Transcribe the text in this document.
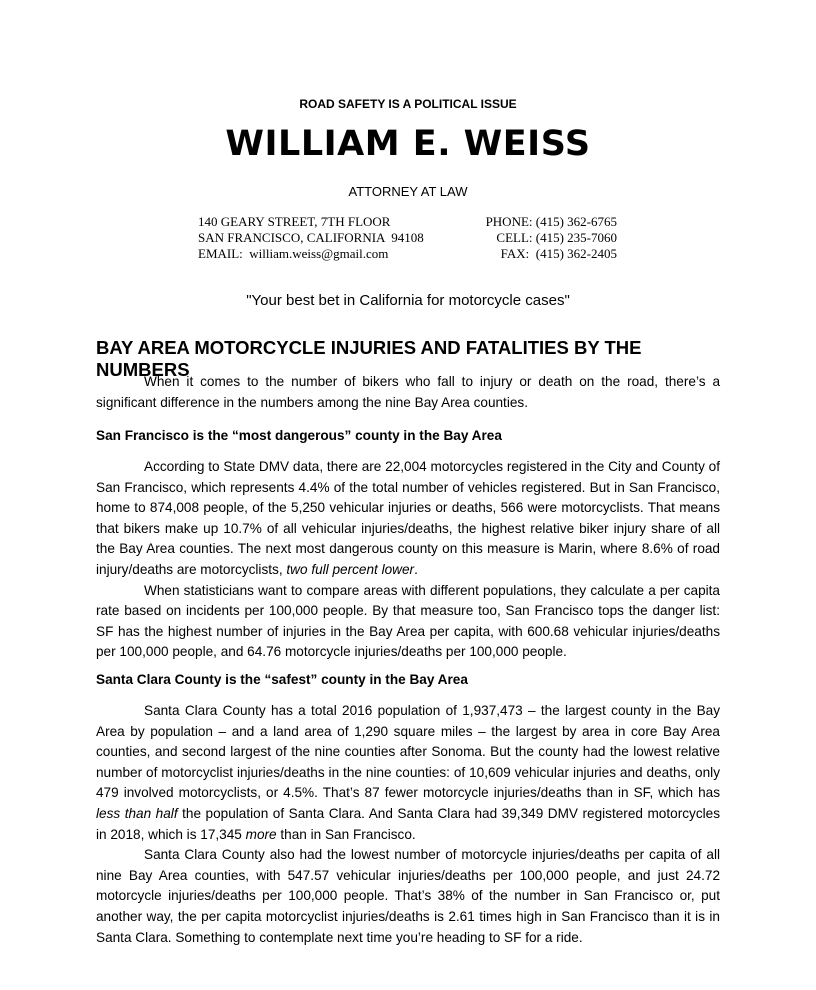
ROAD SAFETY IS A POLITICAL ISSUE
WILLIAM E. WEISS
ATTORNEY AT LAW
140 GEARY STREET, 7TH FLOOR
SAN FRANCISCO, CALIFORNIA  94108
EMAIL:  william.weiss@gmail.com
PHONE: (415) 362-6765
CELL: (415) 235-7060
FAX:  (415) 362-2405
"Your best bet in California for motorcycle cases"
BAY AREA MOTORCYCLE INJURIES AND FATALITIES BY THE NUMBERS

When it comes to the number of bikers who fall to injury or death on the road, there’s a significant difference in the numbers among the nine Bay Area counties.

San Francisco is the “most dangerous” county in the Bay Area

According to State DMV data, there are 22,004 motorcycles registered in the City and County of San Francisco, which represents 4.4% of the total number of vehicles registered. But in San Francisco, home to 874,008 people, of the 5,250 vehicular injuries or deaths, 566 were motorcyclists. That means that bikers make up 10.7% of all vehicular injuries/deaths, the highest relative biker injury share of all the Bay Area counties. The next most dangerous county on this measure is Marin, where 8.6% of road injury/deaths are motorcyclists, two full percent lower.

When statisticians want to compare areas with different populations, they calculate a per capita rate based on incidents per 100,000 people. By that measure too, San Francisco tops the danger list: SF has the highest number of injuries in the Bay Area per capita, with 600.68 vehicular injuries/deaths per 100,000 people, and 64.76 motorcycle injuries/deaths per 100,000 people.

Santa Clara County is the “safest” county in the Bay Area

Santa Clara County has a total 2016 population of 1,937,473 – the largest county in the Bay Area by population – and a land area of 1,290 square miles – the largest by area in core Bay Area counties, and second largest of the nine counties after Sonoma. But the county had the lowest relative number of motorcyclist injuries/deaths in the nine counties: of 10,609 vehicular injuries and deaths, only 479 involved motorcyclists, or 4.5%. That’s 87 fewer motorcycle injuries/deaths than in SF, which has less than half the population of Santa Clara. And Santa Clara had 39,349 DMV registered motorcycles in 2018, which is 17,345 more than in San Francisco.

Santa Clara County also had the lowest number of motorcycle injuries/deaths per capita of all nine Bay Area counties, with 547.57 vehicular injuries/deaths per 100,000 people, and just 24.72 motorcycle injuries/deaths per 100,000 people. That’s 38% of the number in San Francisco or, put another way, the per capita motorcyclist injuries/deaths is 2.61 times high in San Francisco than it is in Santa Clara. Something to contemplate next time you’re heading to SF for a ride.
